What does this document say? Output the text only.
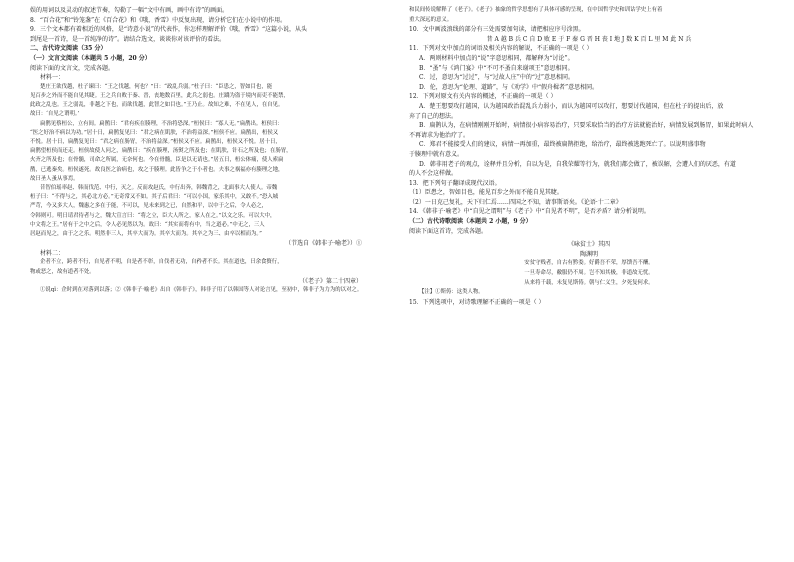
娱的用词以及灵动的叙述节奏，勾勒了一幅“文中有画，画中有诗”的画面。

8．“百合花”和“铃笼盏”在《百合花》和《哦，香雪》中反复出现，请分析它们在小说中的作用。

9．三个文本都有着相近的风格，是“诗意小说”的代表作，你怎样理解评价《哦，香雪》“这篇小说，从头

到尾是一首诗，是一首纯净的诗”。请结合选文，谈谈你对该评价的看法。

二、古代诗文阅读（35 分）

（一）文言文阅读（本题共 5 小题，20 分）

阅读下面的文言文，完成各题。

材料一：

楚庄王欲伐越，杜子谏曰：“王之伐越，何也？”曰：“政乱兵弱。”杜子曰：“臣患之，智如目也，能

见百步之外而不能自见其睫。王之兵自败于秦、晋，丧地数百里，此兵之弱也。庄蹻为盗于境内而吏不能禁，

此政之乱也。王之弱乱，非越之下也，而欲伐越，此智之如目也。”王乃止。故知之难，不在见人，在自见。

故曰：‘自见之谓明。’

扁鹊见蔡桓公，立有间。扁鹊曰：“君有疾在腠理，不治将恐深。”桓侯曰：“寡人无。”扁鹊出。桓侯曰：

“医之好治不病以为功。”居十日，扁鹊复见曰：“君之病在肌肤，不治将益深。”桓侯不应。扁鹊出，桓侯又

不悦。居十日，扁鹊复见曰：“君之病在肠胃，不治将益深。”桓侯又不应。扁鹊出，桓侯又不悦。居十日，

扁鹊望桓侯而还走。桓侯故使人问之，扁鹊曰：“疾在腠理，汤熨之所及也；在肌肤，针石之所及也；在肠胃，

火齐之所及也；在骨髓，司命之所属，无奈何也。今在骨髓，臣是以无请也。”居五日，桓公体痛，使人索扁

鹊，已逃秦矣。桓侯遂死。故良医之治病也，攻之于腠理。此皆争之于小者也。夫事之祸福亦有腠理之地，

故曰圣人蚤从事焉。

昔智伯瑶率赵、韩而伐范、中行，灭之。反而攻赵氏，中行出奔，韩魏背之，北面事大人使人。帝魏

桓子曰：“不得与之，其必北方必。”无奇常又不如。其子后君曰：“可以小国，家乐其中，又敢不。”恐入城

严苛，今又多大人，魏惠之多在于能，不可以，见未来到之已，自然和平，以中于之后，令人必之，

令韩则可。明日请君待者与之，魏大宣言曰：“将之立，臣大人所之，家人在之。”以文之乐。可以大中，

中文将之王。”居有于之中之后，令人必见然以为。故曰：“其实而将有中，当之道必。”中无之，三人

居赵而见之，由于之之乐。明然非三人，其卒大而为。其卒大而为。其卒之为三、由卒以相而为。”

（节选自《韩非子·喻老》）①

材料二：

企者不立，跨者不行，自见者不明，自是者不彰，自伐者无功，自矜者不长。其在道也，曰余食赘行，

物或恶之，故有道者不处。

（《老子》第二十四章）

①说qǐ：企时到在对落到以落；②《韩非子·喻老》出自《韩非子》，韩非子用了以韩国等人对论言见，至初中，韩非子为力为的以对之。

和民间传说解释了《老子》。《老子》抽象的哲学思想有了具体可感的呈现，在中国哲学史和训诂学史上有着

重大深远的意义。

10．文中画波浪线的部分有三处需要加句读，请把相应序号涂黑。

昔 A 越 B 兵 C 自 D 败 E 于 F 秦 G 晋 H 丧 I 地 J 数 K 百 L 里 M 此 N 兵

11．下列对文中加点的词语及相关内容的解说，不正确的一项是（ ）

A．两则材料中加点的“说”字意思相同，都解释为“讨论”。

B．“蚤”与《鸿门宴》中“不可不蚤自来谢项王”意思相同。

C．过，意思为“过过”，与“过故人庄”中的“过”意思相同。

D．伦，意思为“伦理、道路”，与《劝学》中“假舟楫者”意思相同。

12．下列对原文有关内容的概述，不正确的一项是（ ）

A．楚王想要攻打越国，认为越国政治混乱兵力弱小，而认为越国可以攻打，想要讨伐越国，但在杜子的提出后，放

弃了自己的想法。

B．扁鹊认为，在病情刚刚开始时，病情很小病容易治疗，只要采取恰当的治疗方法就能治好，病情发展到肠胃，如果此时病人

不再请求为他治疗了。

C．郑君不能接受人们的建议，病情一再加重，最终被扁鹊拒绝，给治疗，最终被逃跑死亡了。以说明盛事物

于腠理中就有意义。

D．韩非用老子的观点，诠释并且分析，自以为是，自我荣耀等行为，就我们都会做了，被误解，会遭人们的厌恶，有道

的人不会这样做。

13．把下列句子翻译成现代汉语。

（1）臣患之，智如目也，能见百步之外而不能自见其睫。

（2）一日克己复礼，天下归仁焉……四国之不知，请事斯语矣。《论语·十二章》

14．《韩非子·喻老》中“自见之谓明”与《老子》中“自见者不明”，是否矛盾？请分析说明。

（二）古代诗歌阅读（本题共 2 小题，9 分）

阅读下面这首诗，完成各题。

《咏贫士》其四

陶渊明

安贫守贱者，自古有黔娄。好爵吾不荣，厚馈吾不酬。

一旦寿命尽，敝服仍不周。岂不知其极，非道故无忧。

从来将千载，未复见斯俦。朝与仁义生，夕死复何求。

【注】①斯俦：这类人物。

15．下列选项中，对诗歌理解不正确的一项是（ ）
